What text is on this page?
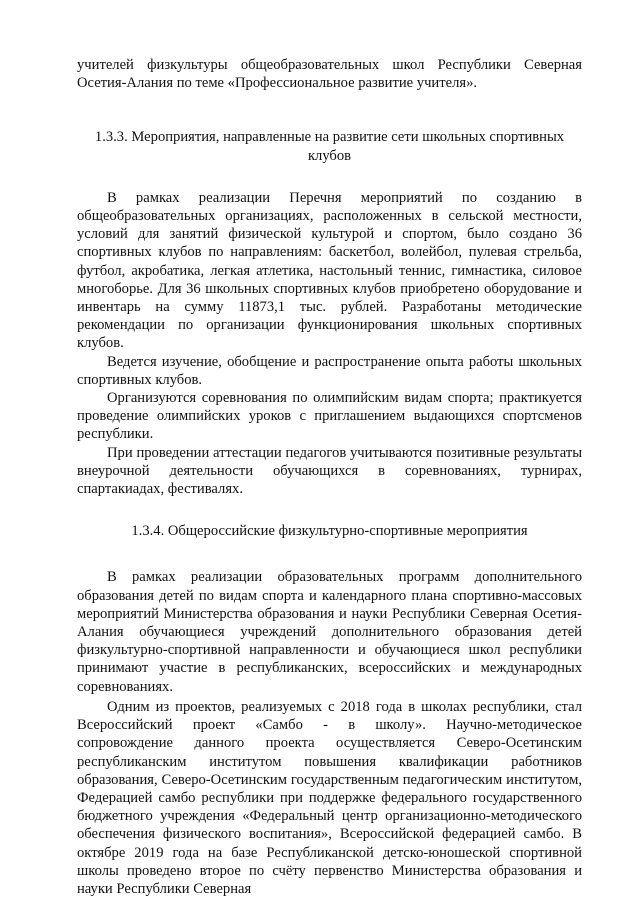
учителей физкультуры общеобразовательных школ Республики Северная Осетия-Алания по теме «Профессиональное развитие учителя».

1.3.3. Мероприятия, направленные на развитие сети школьных спортивных клубов

В рамках реализации Перечня мероприятий по созданию в общеобразовательных организациях, расположенных в сельской местности, условий для занятий физической культурой и спортом, было создано 36 спортивных клубов по направлениям: баскетбол, волейбол, пулевая стрельба, футбол, акробатика, легкая атлетика, настольный теннис, гимнастика, силовое многоборье. Для 36 школьных спортивных клубов приобретено оборудование и инвентарь на сумму 11873,1 тыс. рублей. Разработаны методические рекомендации по организации функционирования школьных спортивных клубов.

Ведется изучение, обобщение и распространение опыта работы школьных спортивных клубов.

Организуются соревнования по олимпийским видам спорта; практикуется проведение олимпийских уроков с приглашением выдающихся спортсменов республики.

При проведении аттестации педагогов учитываются позитивные результаты внеурочной деятельности обучающихся в соревнованиях, турнирах, спартакиадах, фестивалях.

1.3.4. Общероссийские физкультурно-спортивные мероприятия

В рамках реализации образовательных программ дополнительного образования детей по видам спорта и календарного плана спортивно-массовых мероприятий Министерства образования и науки Республики Северная Осетия-Алания обучающиеся учреждений дополнительного образования детей физкультурно-спортивной направленности и обучающиеся школ республики принимают участие в республиканских, всероссийских и международных соревнованиях.

Одним из проектов, реализуемых с 2018 года в школах республики, стал Всероссийский проект «Самбо - в школу». Научно-методическое сопровождение данного проекта осуществляется Северо-Осетинским республиканским институтом повышения квалификации работников образования, Северо-Осетинским государственным педагогическим институтом, Федерацией самбо республики при поддержке федерального государственного бюджетного учреждения «Федеральный центр организационно-методического обеспечения физического воспитания», Всероссийской федерацией самбо. В октябре 2019 года на базе Республиканской детско-юношеской спортивной школы проведено второе по счёту первенство Министерства образования и науки Республики Северная
